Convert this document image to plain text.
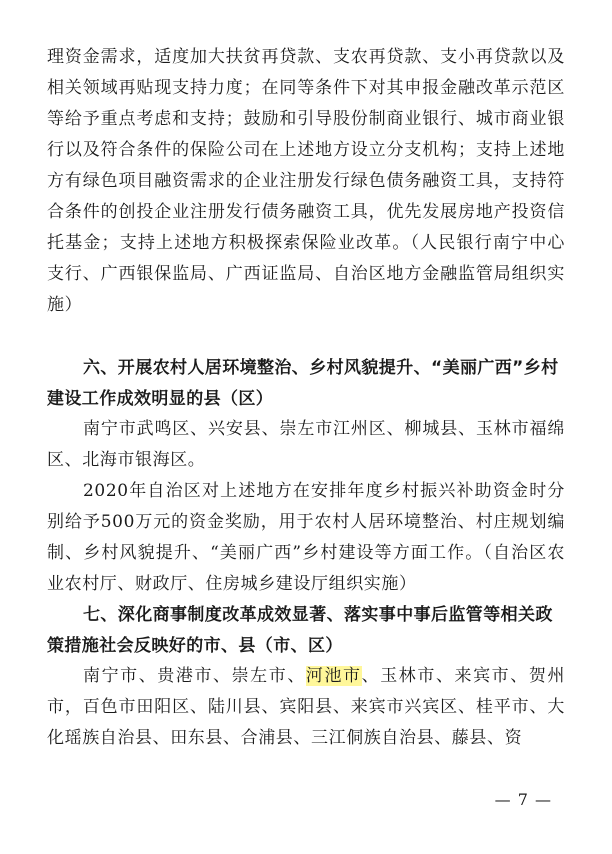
理资金需求，适度加大扶贫再贷款、支农再贷款、支小再贷款以及相关领域再贴现支持力度；在同等条件下对其申报金融改革示范区等给予重点考虑和支持；鼓励和引导股份制商业银行、城市商业银行以及符合条件的保险公司在上述地方设立分支机构；支持上述地方有绿色项目融资需求的企业注册发行绿色债务融资工具，支持符合条件的创投企业注册发行债务融资工具，优先发展房地产投资信托基金；支持上述地方积极探索保险业改革。（人民银行南宁中心支行、广西银保监局、广西证监局、自治区地方金融监管局组织实施）

六、开展农村人居环境整治、乡村风貌提升、“美丽广西”乡村建设工作成效明显的县（区）

南宁市武鸣区、兴安县、崇左市江州区、柳城县、玉林市福绵区、北海市银海区。

2020年自治区对上述地方在安排年度乡村振兴补助资金时分别给予500万元的资金奖励，用于农村人居环境整治、村庄规划编制、乡村风貌提升、“美丽广西”乡村建设等方面工作。（自治区农业农村厅、财政厅、住房城乡建设厅组织实施）

七、深化商事制度改革成效显著、落实事中事后监管等相关政策措施社会反映好的市、县（市、区）

南宁市、贵港市、崇左市、河池市、玉林市、来宾市、贺州市，百色市田阳区、陆川县、宾阳县、来宾市兴宾区、桂平市、大化瑶族自治县、田东县、合浦县、三江侗族自治县、藤县、资

— 7 —
